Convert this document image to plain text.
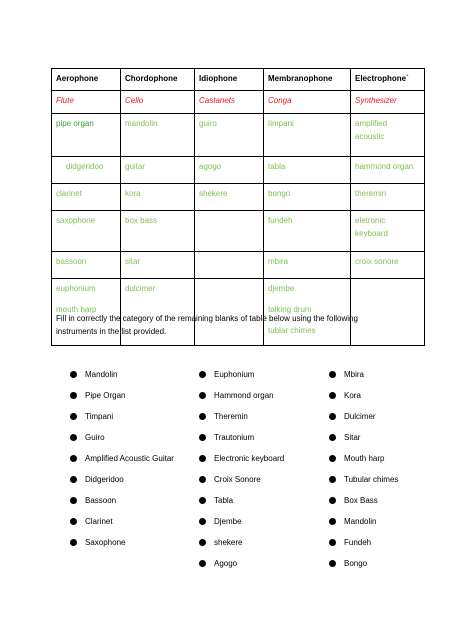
Aerophone	Chordophone	Idiophone	Membranophone	Electrophone`
Flute	Cello	Castanets	Conga	Synthesizer

pipe organ	mandolin	guiro	timpani	amplified
acoustic

didgeridoo	guitar	agogo	tabla	hammond organ

clarinet	kora	shekere	bongo	theremin

saxophone	box bass		fundeh	eletronic
keyboard

bassoon	sitar		mbira	croix sonore

euphonium
mouth harp	dulcimer		djembe
talking drum
tublar chimes	

Fill in correctly the category of the remaining blanks of table below using the following instruments in the list provided.
Mandolin
Pipe Organ
Timpani
Guiro
Amplified Acoustic Guitar
Didgeridoo
Bassoon
Clarinet
Saxophone
Euphonium
Hammond organ
Theremin
Trautonium
Electronic keyboard
Croix Sonore
Tabla
Djembe
shekere
Agogo
Mbira
Kora
Dulcimer
Sitar
Mouth harp
Tubular chimes
Box Bass
Mandolin
Fundeh
Bongo
